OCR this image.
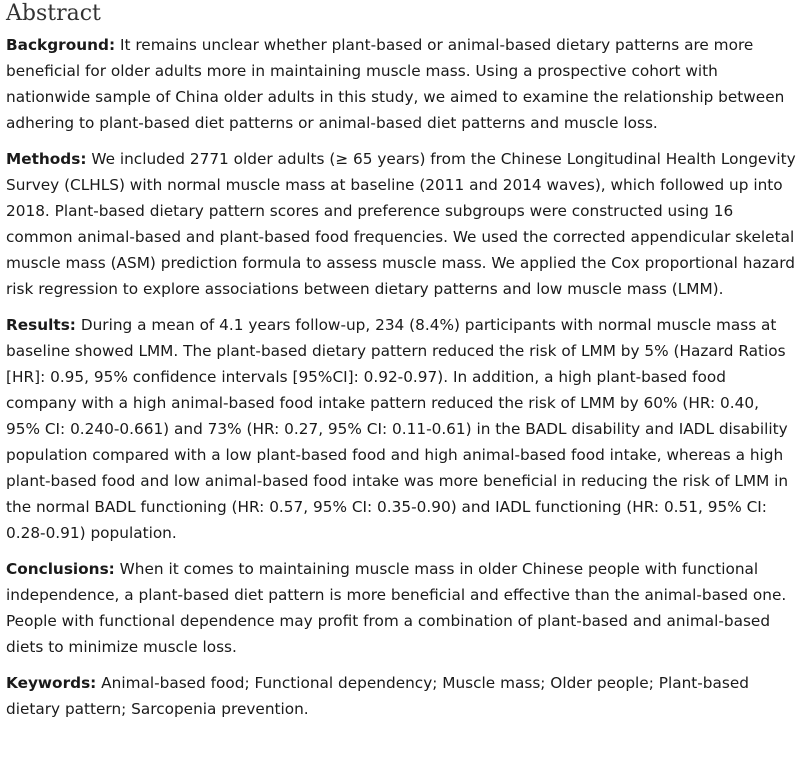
Abstract

Background: It remains unclear whether plant-based or animal-based dietary patterns are more beneficial for older adults more in maintaining muscle mass. Using a prospective cohort with nationwide sample of China older adults in this study, we aimed to examine the relationship between adhering to plant-based diet patterns or animal-based diet patterns and muscle loss.

Methods: We included 2771 older adults (≥ 65 years) from the Chinese Longitudinal Health Longevity Survey (CLHLS) with normal muscle mass at baseline (2011 and 2014 waves), which followed up into 2018. Plant-based dietary pattern scores and preference subgroups were constructed using 16 common animal-based and plant-based food frequencies. We used the corrected appendicular skeletal muscle mass (ASM) prediction formula to assess muscle mass. We applied the Cox proportional hazard risk regression to explore associations between dietary patterns and low muscle mass (LMM).

Results: During a mean of 4.1 years follow-up, 234 (8.4%) participants with normal muscle mass at baseline showed LMM. The plant-based dietary pattern reduced the risk of LMM by 5% (Hazard Ratios [HR]: 0.95, 95% confidence intervals [95%CI]: 0.92-0.97). In addition, a high plant-based food company with a high animal-based food intake pattern reduced the risk of LMM by 60% (HR: 0.40, 95% CI: 0.240-0.661) and 73% (HR: 0.27, 95% CI: 0.11-0.61) in the BADL disability and IADL disability population compared with a low plant-based food and high animal-based food intake, whereas a high plant-based food and low animal-based food intake was more beneficial in reducing the risk of LMM in the normal BADL functioning (HR: 0.57, 95% CI: 0.35-0.90) and IADL functioning (HR: 0.51, 95% CI: 0.28-0.91) population.

Conclusions: When it comes to maintaining muscle mass in older Chinese people with functional independence, a plant-based diet pattern is more beneficial and effective than the animal-based one. People with functional dependence may profit from a combination of plant-based and animal-based diets to minimize muscle loss.

Keywords: Animal-based food; Functional dependency; Muscle mass; Older people; Plant-based dietary pattern; Sarcopenia prevention.
